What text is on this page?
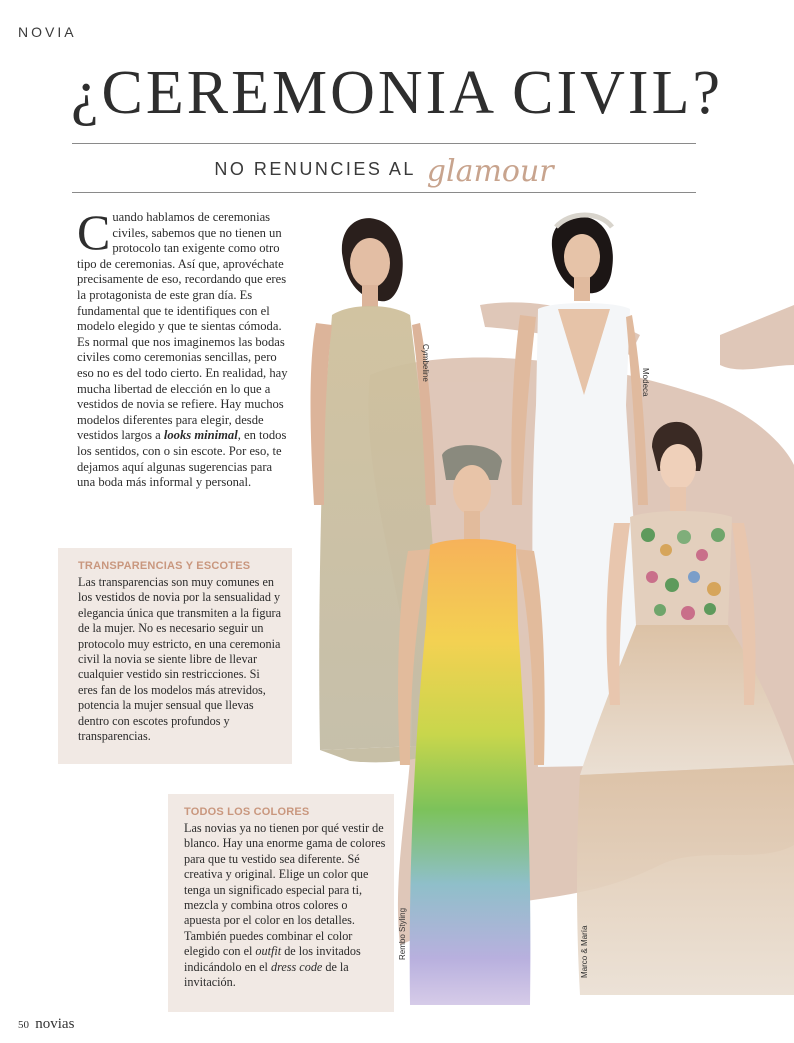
NOVIA
¿CEREMONIA CIVIL?
NO RENUNCIES AL glamour
Cymbeline
Modeca
Rembo Styling	Marco & María

Cuando hablamos de ceremonias civiles, sabemos que no tienen un protocolo tan exigente como otro tipo de ceremonias. Así que, aprovéchate precisamente de eso, recordando que eres la protagonista de este gran día. Es fundamental que te identifiques con el modelo elegido y que te sientas cómoda.

Es normal que nos imaginemos las bodas civiles como ceremonias sencillas, pero eso no es del todo cierto. En realidad, hay mucha libertad de elección en lo que a vestidos de novia se refiere. Hay muchos modelos diferentes para elegir, desde vestidos largos a looks minimal, en todos los sentidos, con o sin escote. Por eso, te dejamos aquí algunas sugerencias para una boda más informal y personal.

TRANSPARENCIAS Y ESCOTES
Las transparencias son muy comunes en los vestidos de novia por la sensualidad y elegancia única que transmiten a la figura de la mujer. No es necesario seguir un protocolo muy estricto, en una ceremonia civil la novia se siente libre de llevar cualquier vestido sin restricciones. Si eres fan de los modelos más atrevidos, potencia la mujer sensual que llevas dentro con escotes profundos y transparencias.
TODOS LOS COLORES
Las novias ya no tienen por qué vestir de blanco. Hay una enorme gama de colores para que tu vestido sea diferente. Sé creativa y original. Elige un color que tenga un significado especial para ti, mezcla y combina otros colores o apuesta por el color en los detalles. También puedes combinar el color elegido con el outfit de los invitados indicándolo en el dress code de la invitación.
50 novias
